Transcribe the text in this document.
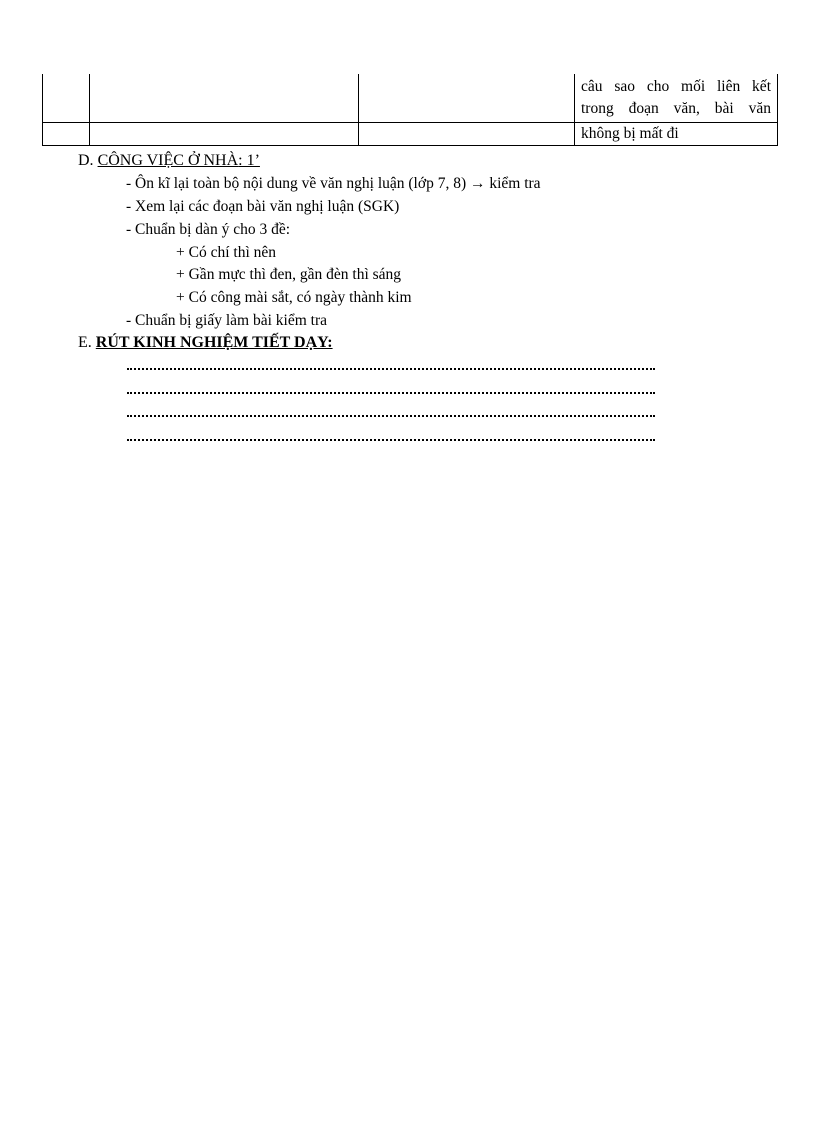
			câu sao cho mối liên kết
trong đoạn văn, bài văn

			không bị mất đi
D. CÔNG VIỆC Ở NHÀ: 1’
- Ôn kĩ lại toàn bộ nội dung về văn nghị luận (lớp 7, 8) → kiểm tra
- Xem lại các đoạn bài văn nghị luận (SGK)
- Chuẩn bị dàn ý cho 3 đề:
+ Có chí thì nên
+ Gần mực thì đen, gần đèn thì sáng
+ Có công mài sắt, có ngày thành kim
- Chuẩn bị giấy làm bài kiểm tra
E. RÚT KINH NGHIỆM TIẾT DẠY:
